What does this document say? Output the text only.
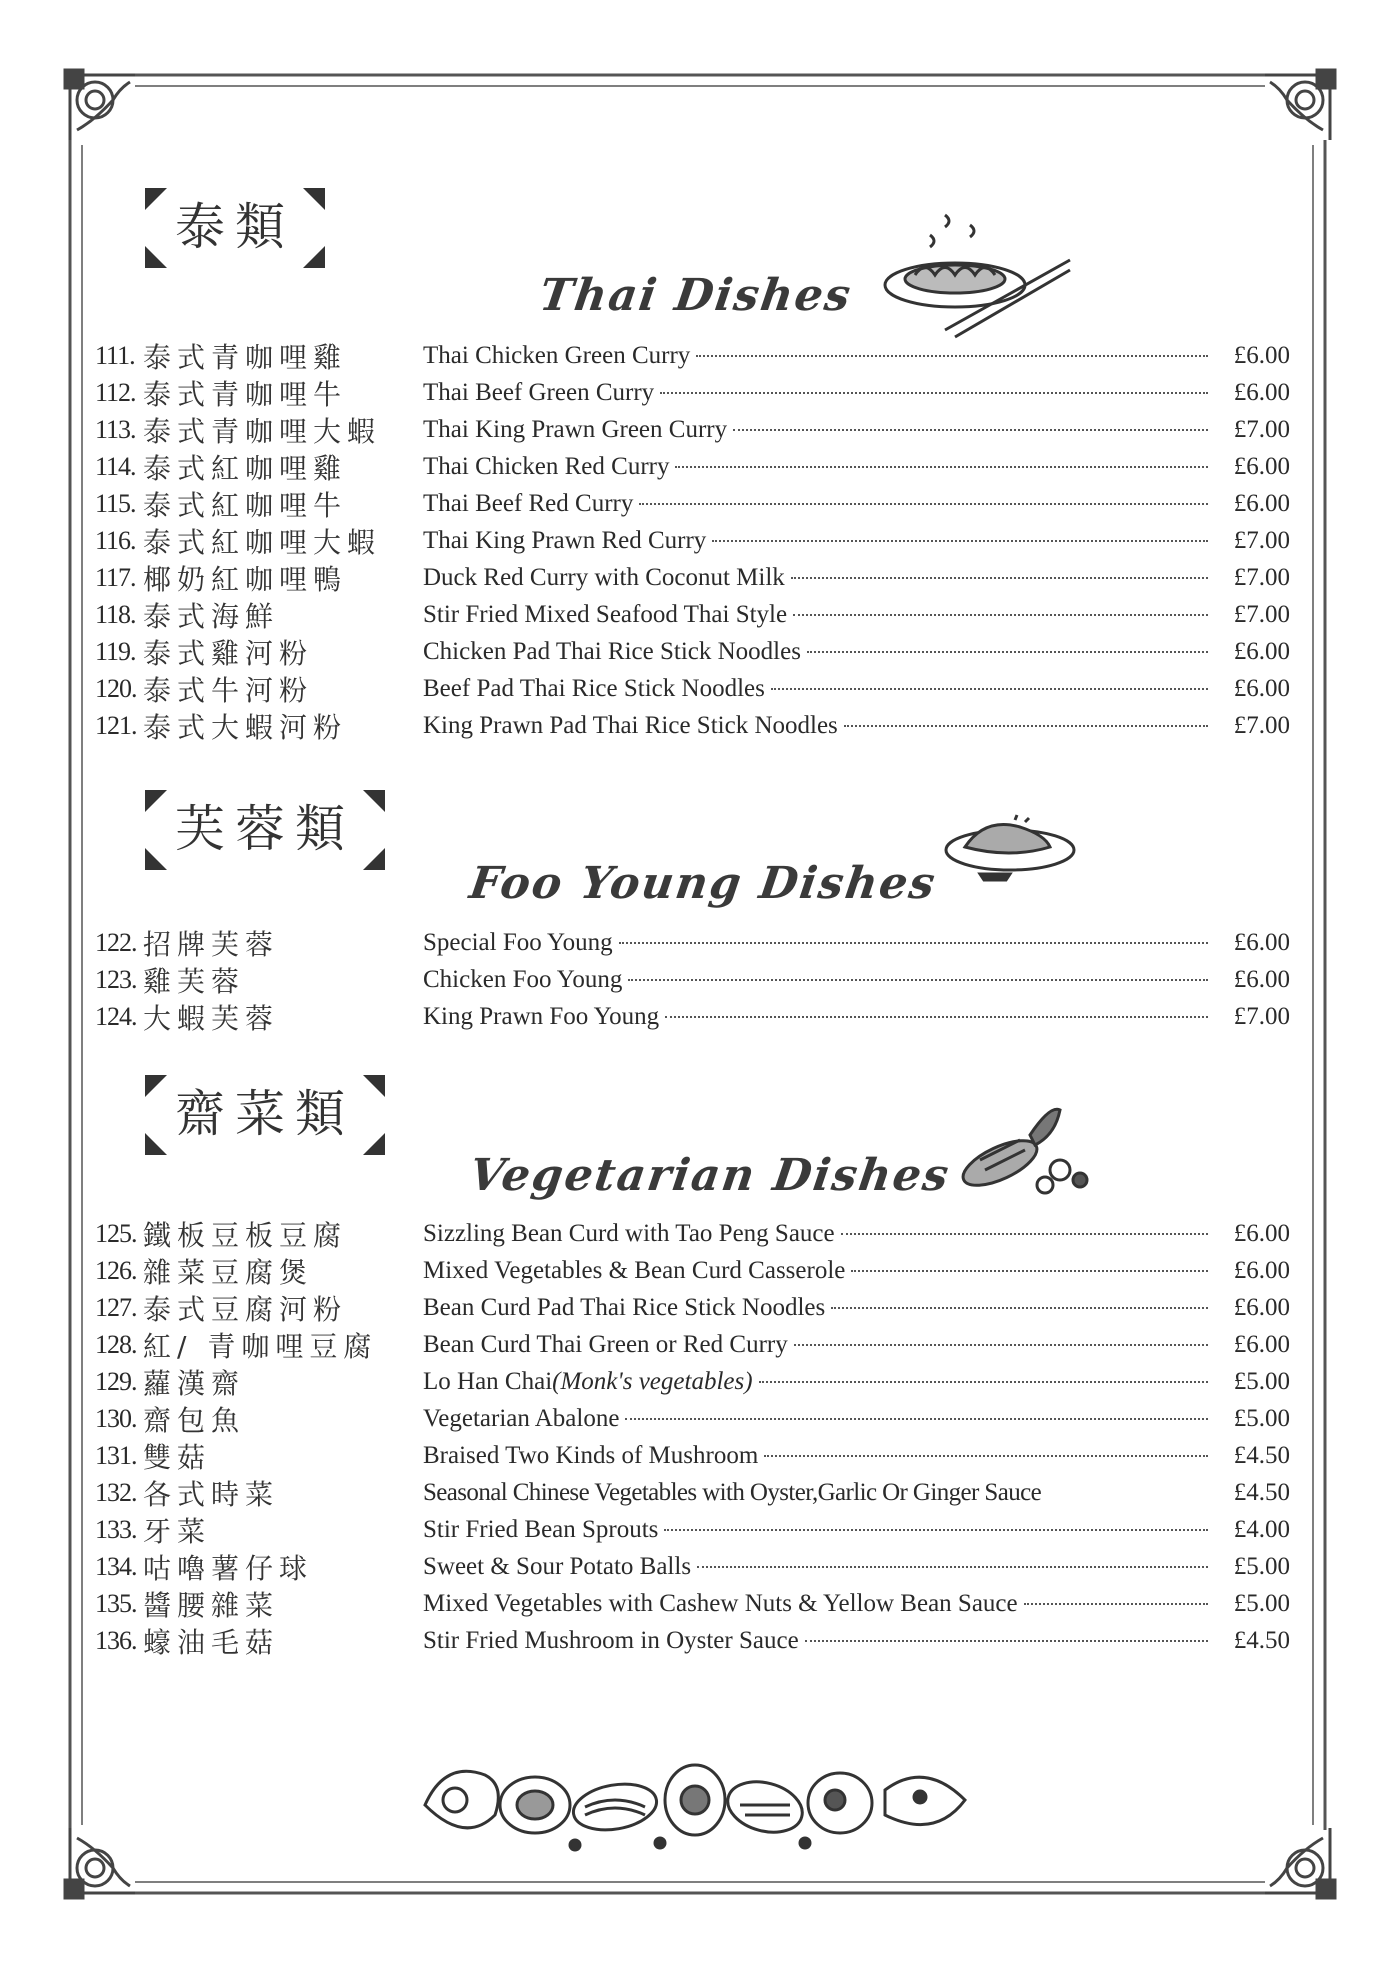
泰類
Thai Dishes
111. 泰式青咖哩雞	Thai Chicken Green Curry	£6.00
112. 泰式青咖哩牛	Thai Beef Green Curry	£6.00
113. 泰式青咖哩大蝦	Thai King Prawn Green Curry	£7.00
114. 泰式紅咖哩雞	Thai Chicken Red Curry	£6.00
115. 泰式紅咖哩牛	Thai Beef Red Curry	£6.00
116. 泰式紅咖哩大蝦	Thai King Prawn Red Curry	£7.00
117. 椰奶紅咖哩鴨	Duck Red Curry with Coconut Milk	£7.00
118. 泰式海鮮	Stir Fried Mixed Seafood Thai Style	£7.00
119. 泰式雞河粉	Chicken Pad Thai Rice Stick Noodles	£6.00
120. 泰式牛河粉	Beef Pad Thai Rice Stick Noodles	£6.00
121. 泰式大蝦河粉	King Prawn Pad Thai Rice Stick Noodles	£7.00
芙蓉類
Foo Young Dishes
122. 招牌芙蓉	Special Foo Young	£6.00
123. 雞芙蓉	Chicken Foo Young	£6.00
124. 大蝦芙蓉	King Prawn Foo Young	£7.00
齋菜類
Vegetarian Dishes
125. 鐵板豆板豆腐	Sizzling Bean Curd with Tao Peng Sauce	£6.00
126. 雜菜豆腐煲	Mixed Vegetables & Bean Curd Casserole	£6.00
127. 泰式豆腐河粉	Bean Curd Pad Thai Rice Stick Noodles	£6.00
128. 紅/ 青咖哩豆腐	Bean Curd Thai Green or Red Curry	£6.00
129. 蘿漢齋	Lo Han Chai (Monk's vegetables)	£5.00
130. 齋包魚	Vegetarian Abalone	£5.00
131. 雙菇	Braised Two Kinds of Mushroom	£4.50
132. 各式時菜	Seasonal Chinese Vegetables with Oyster,Garlic Or Ginger Sauce	£4.50
133. 牙菜	Stir Fried Bean Sprouts	£4.00
134. 咕嚕薯仔球	Sweet & Sour Potato Balls	£5.00
135. 醬腰雜菜	Mixed Vegetables with Cashew Nuts & Yellow Bean Sauce	£5.00
136. 蠔油毛菇	Stir Fried Mushroom in Oyster Sauce	£4.50
